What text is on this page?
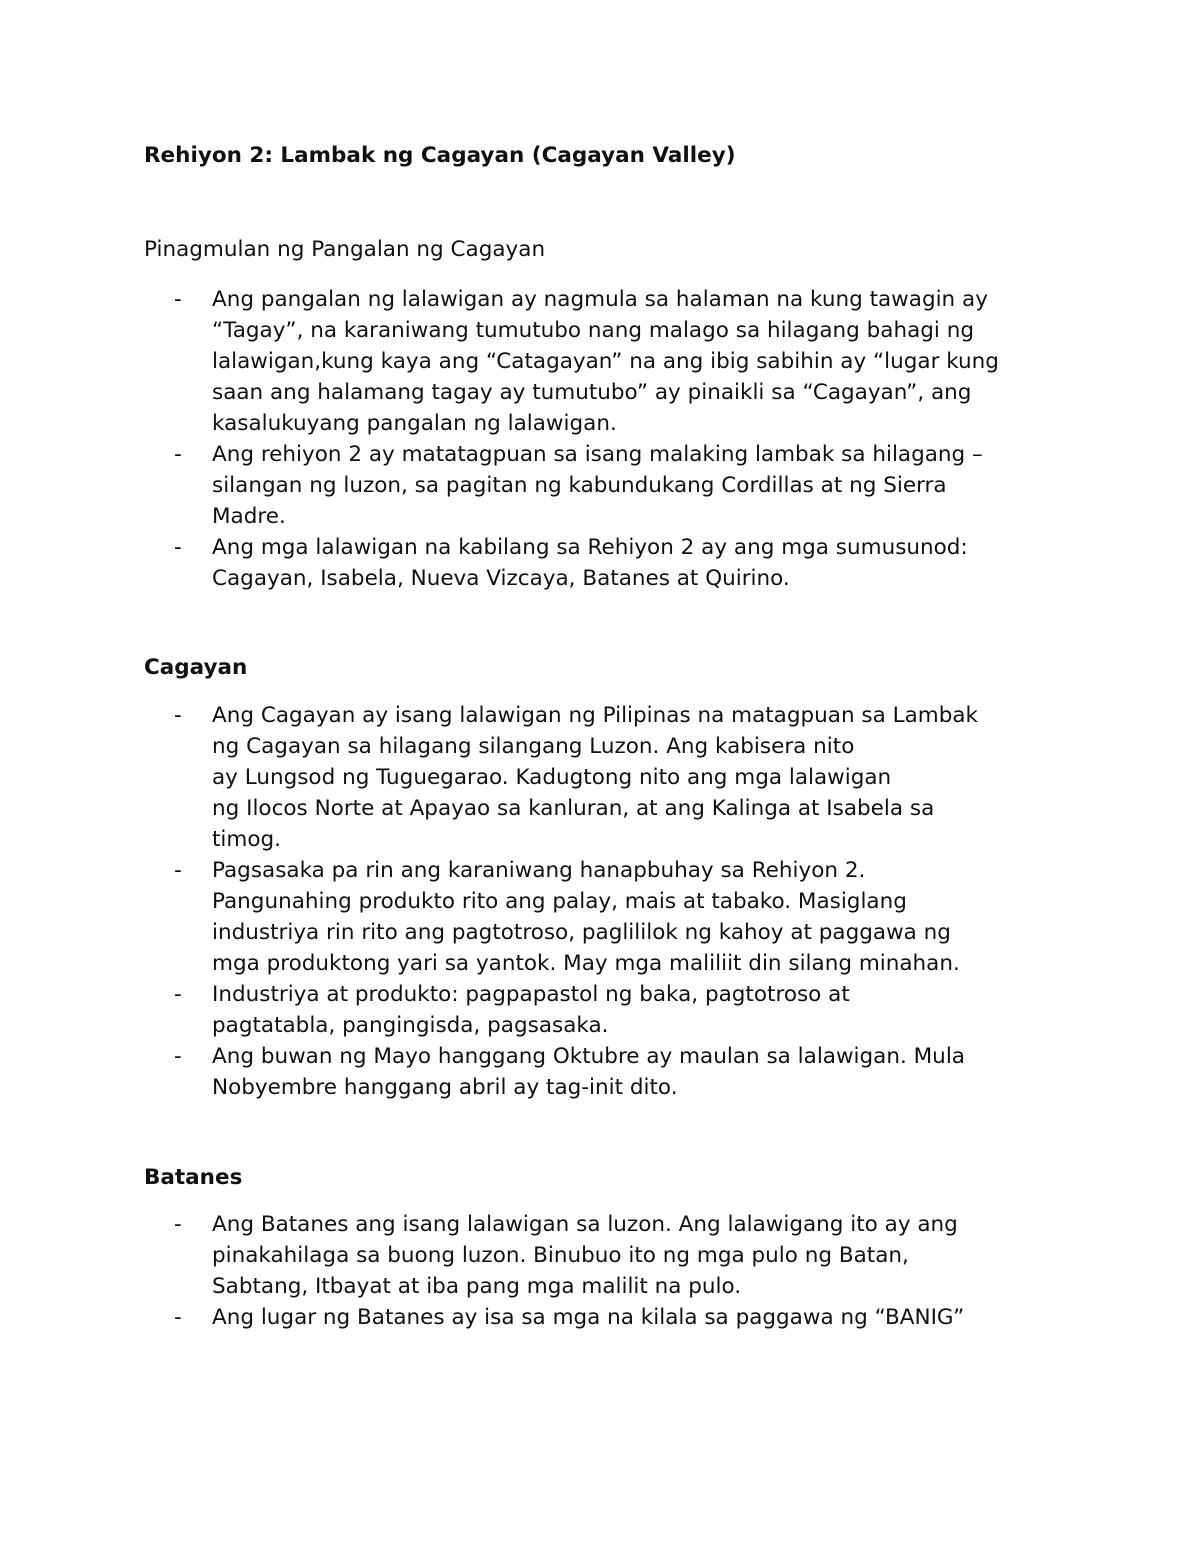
Rehiyon 2: Lambak ng Cagayan (Cagayan Valley)
Pinagmulan ng Pangalan ng Cagayan
- Ang pangalan ng lalawigan ay nagmula sa halaman na kung tawagin ay
“Tagay”, na karaniwang tumutubo nang malago sa hilagang bahagi ng
lalawigan,kung kaya ang “Catagayan” na ang ibig sabihin ay “lugar kung
saan ang halamang tagay ay tumutubo” ay pinaikli sa “Cagayan”, ang
kasalukuyang pangalan ng lalawigan.
- Ang rehiyon 2 ay matatagpuan sa isang malaking lambak sa hilagang –
silangan ng luzon, sa pagitan ng kabundukang Cordillas at ng Sierra
Madre.
- Ang mga lalawigan na kabilang sa Rehiyon 2 ay ang mga sumusunod:
Cagayan, Isabela, Nueva Vizcaya, Batanes at Quirino.
Cagayan
- Ang Cagayan ay isang lalawigan ng Pilipinas na matagpuan sa Lambak
ng Cagayan sa hilagang silangang Luzon. Ang kabisera nito
ay Lungsod ng Tuguegarao. Kadugtong nito ang mga lalawigan
ng Ilocos Norte at Apayao sa kanluran, at ang Kalinga at Isabela sa
timog.
- Pagsasaka pa rin ang karaniwang hanapbuhay sa Rehiyon 2.
Pangunahing produkto rito ang palay, mais at tabako. Masiglang
industriya rin rito ang pagtotroso, paglililok ng kahoy at paggawa ng
mga produktong yari sa yantok. May mga maliliit din silang minahan.
- Industriya at produkto: pagpapastol ng baka, pagtotroso at
pagtatabla, pangingisda, pagsasaka.
- Ang buwan ng Mayo hanggang Oktubre ay maulan sa lalawigan. Mula
Nobyembre hanggang abril ay tag-init dito.
Batanes
- Ang Batanes ang isang lalawigan sa luzon. Ang lalawigang ito ay ang
pinakahilaga sa buong luzon. Binubuo ito ng mga pulo ng Batan,
Sabtang, Itbayat at iba pang mga malilit na pulo.
- Ang lugar ng Batanes ay isa sa mga na kilala sa paggawa ng “BANIG”
